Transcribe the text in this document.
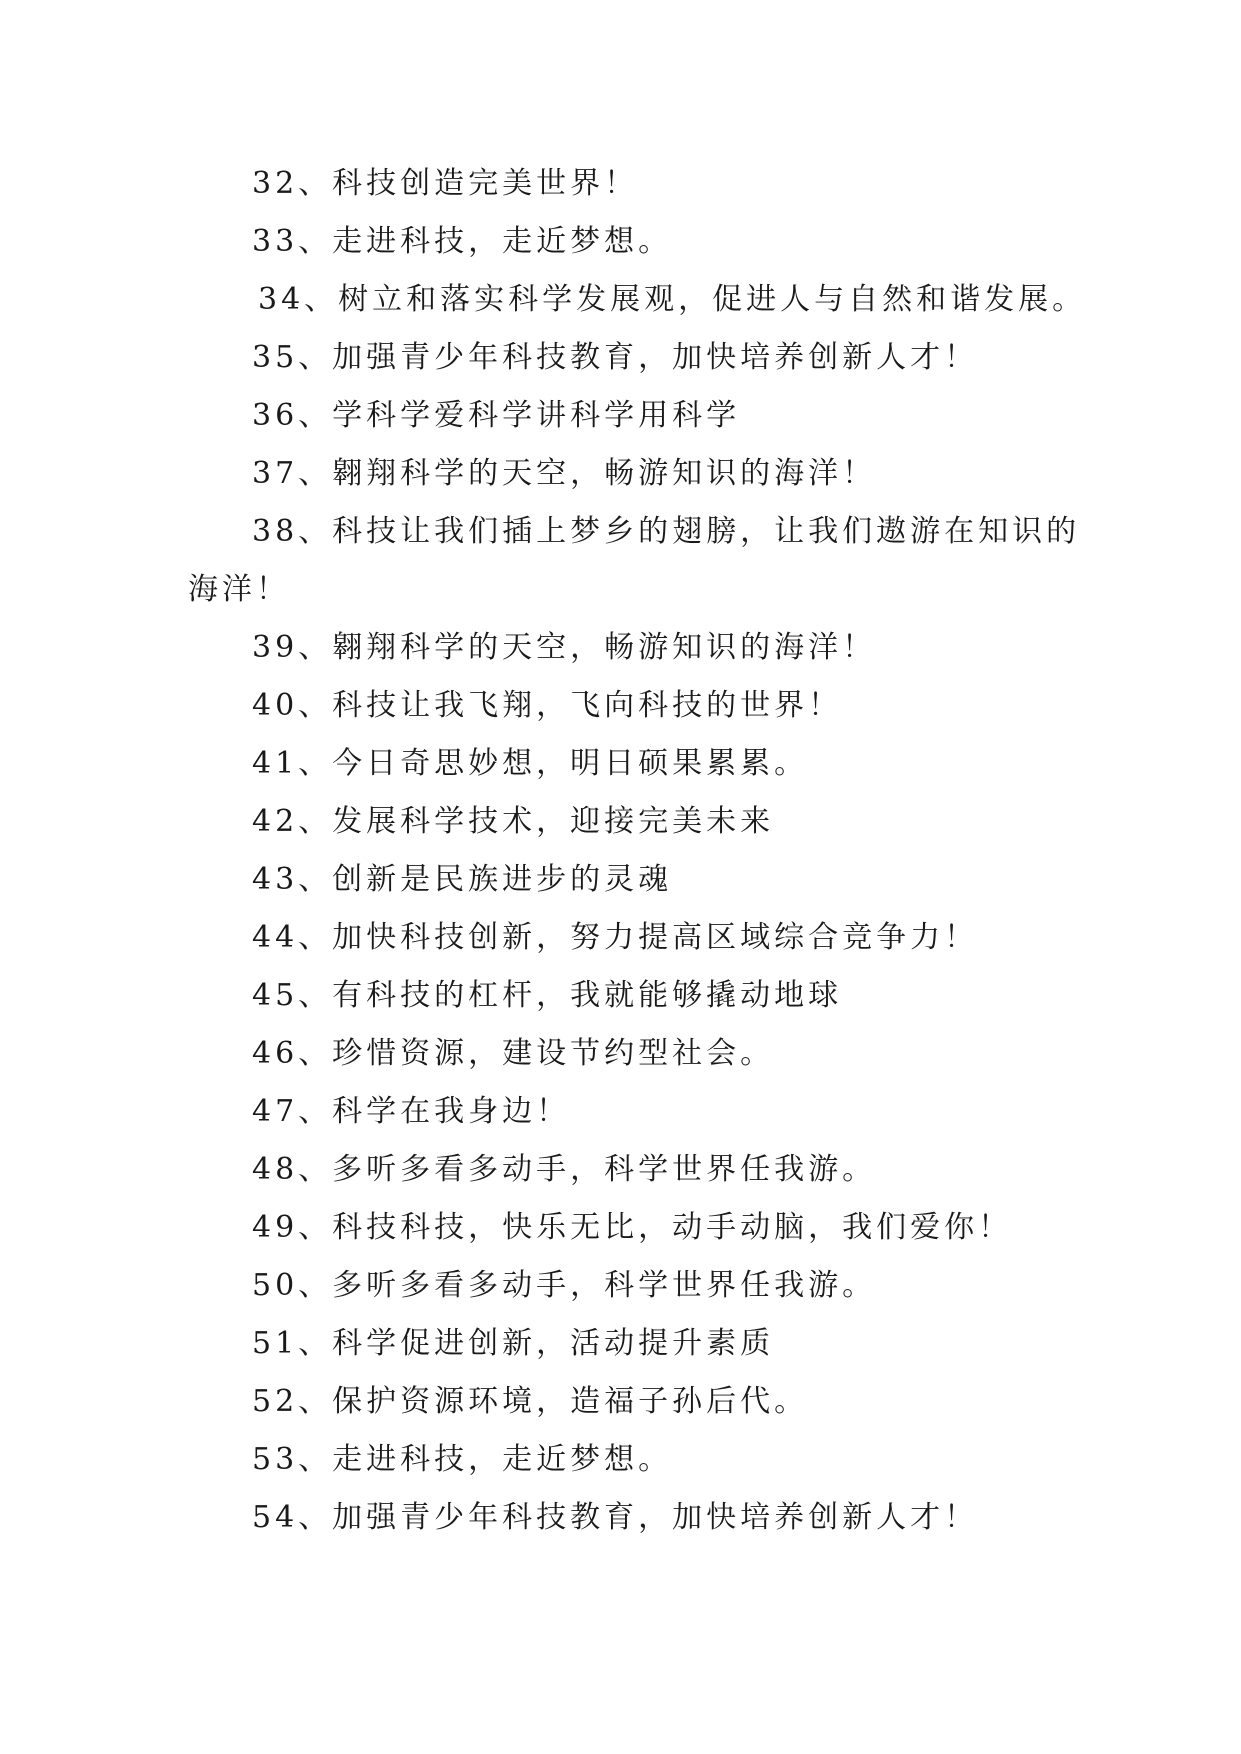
32、科技创造完美世界！
33、走进科技，走近梦想。
34、树立和落实科学发展观，促进人与自然和谐发展。
35、加强青少年科技教育，加快培养创新人才！
36、学科学爱科学讲科学用科学
37、翱翔科学的天空，畅游知识的海洋！
38、科技让我们插上梦乡的翅膀，让我们遨游在知识的海洋！
39、翱翔科学的天空，畅游知识的海洋！
40、科技让我飞翔，飞向科技的世界！
41、今日奇思妙想，明日硕果累累。
42、发展科学技术，迎接完美未来
43、创新是民族进步的灵魂
44、加快科技创新，努力提高区域综合竞争力！
45、有科技的杠杆，我就能够撬动地球
46、珍惜资源，建设节约型社会。
47、科学在我身边！
48、多听多看多动手，科学世界任我游。
49、科技科技，快乐无比，动手动脑，我们爱你！
50、多听多看多动手，科学世界任我游。
51、科学促进创新，活动提升素质
52、保护资源环境，造福子孙后代。
53、走进科技，走近梦想。
54、加强青少年科技教育，加快培养创新人才！
